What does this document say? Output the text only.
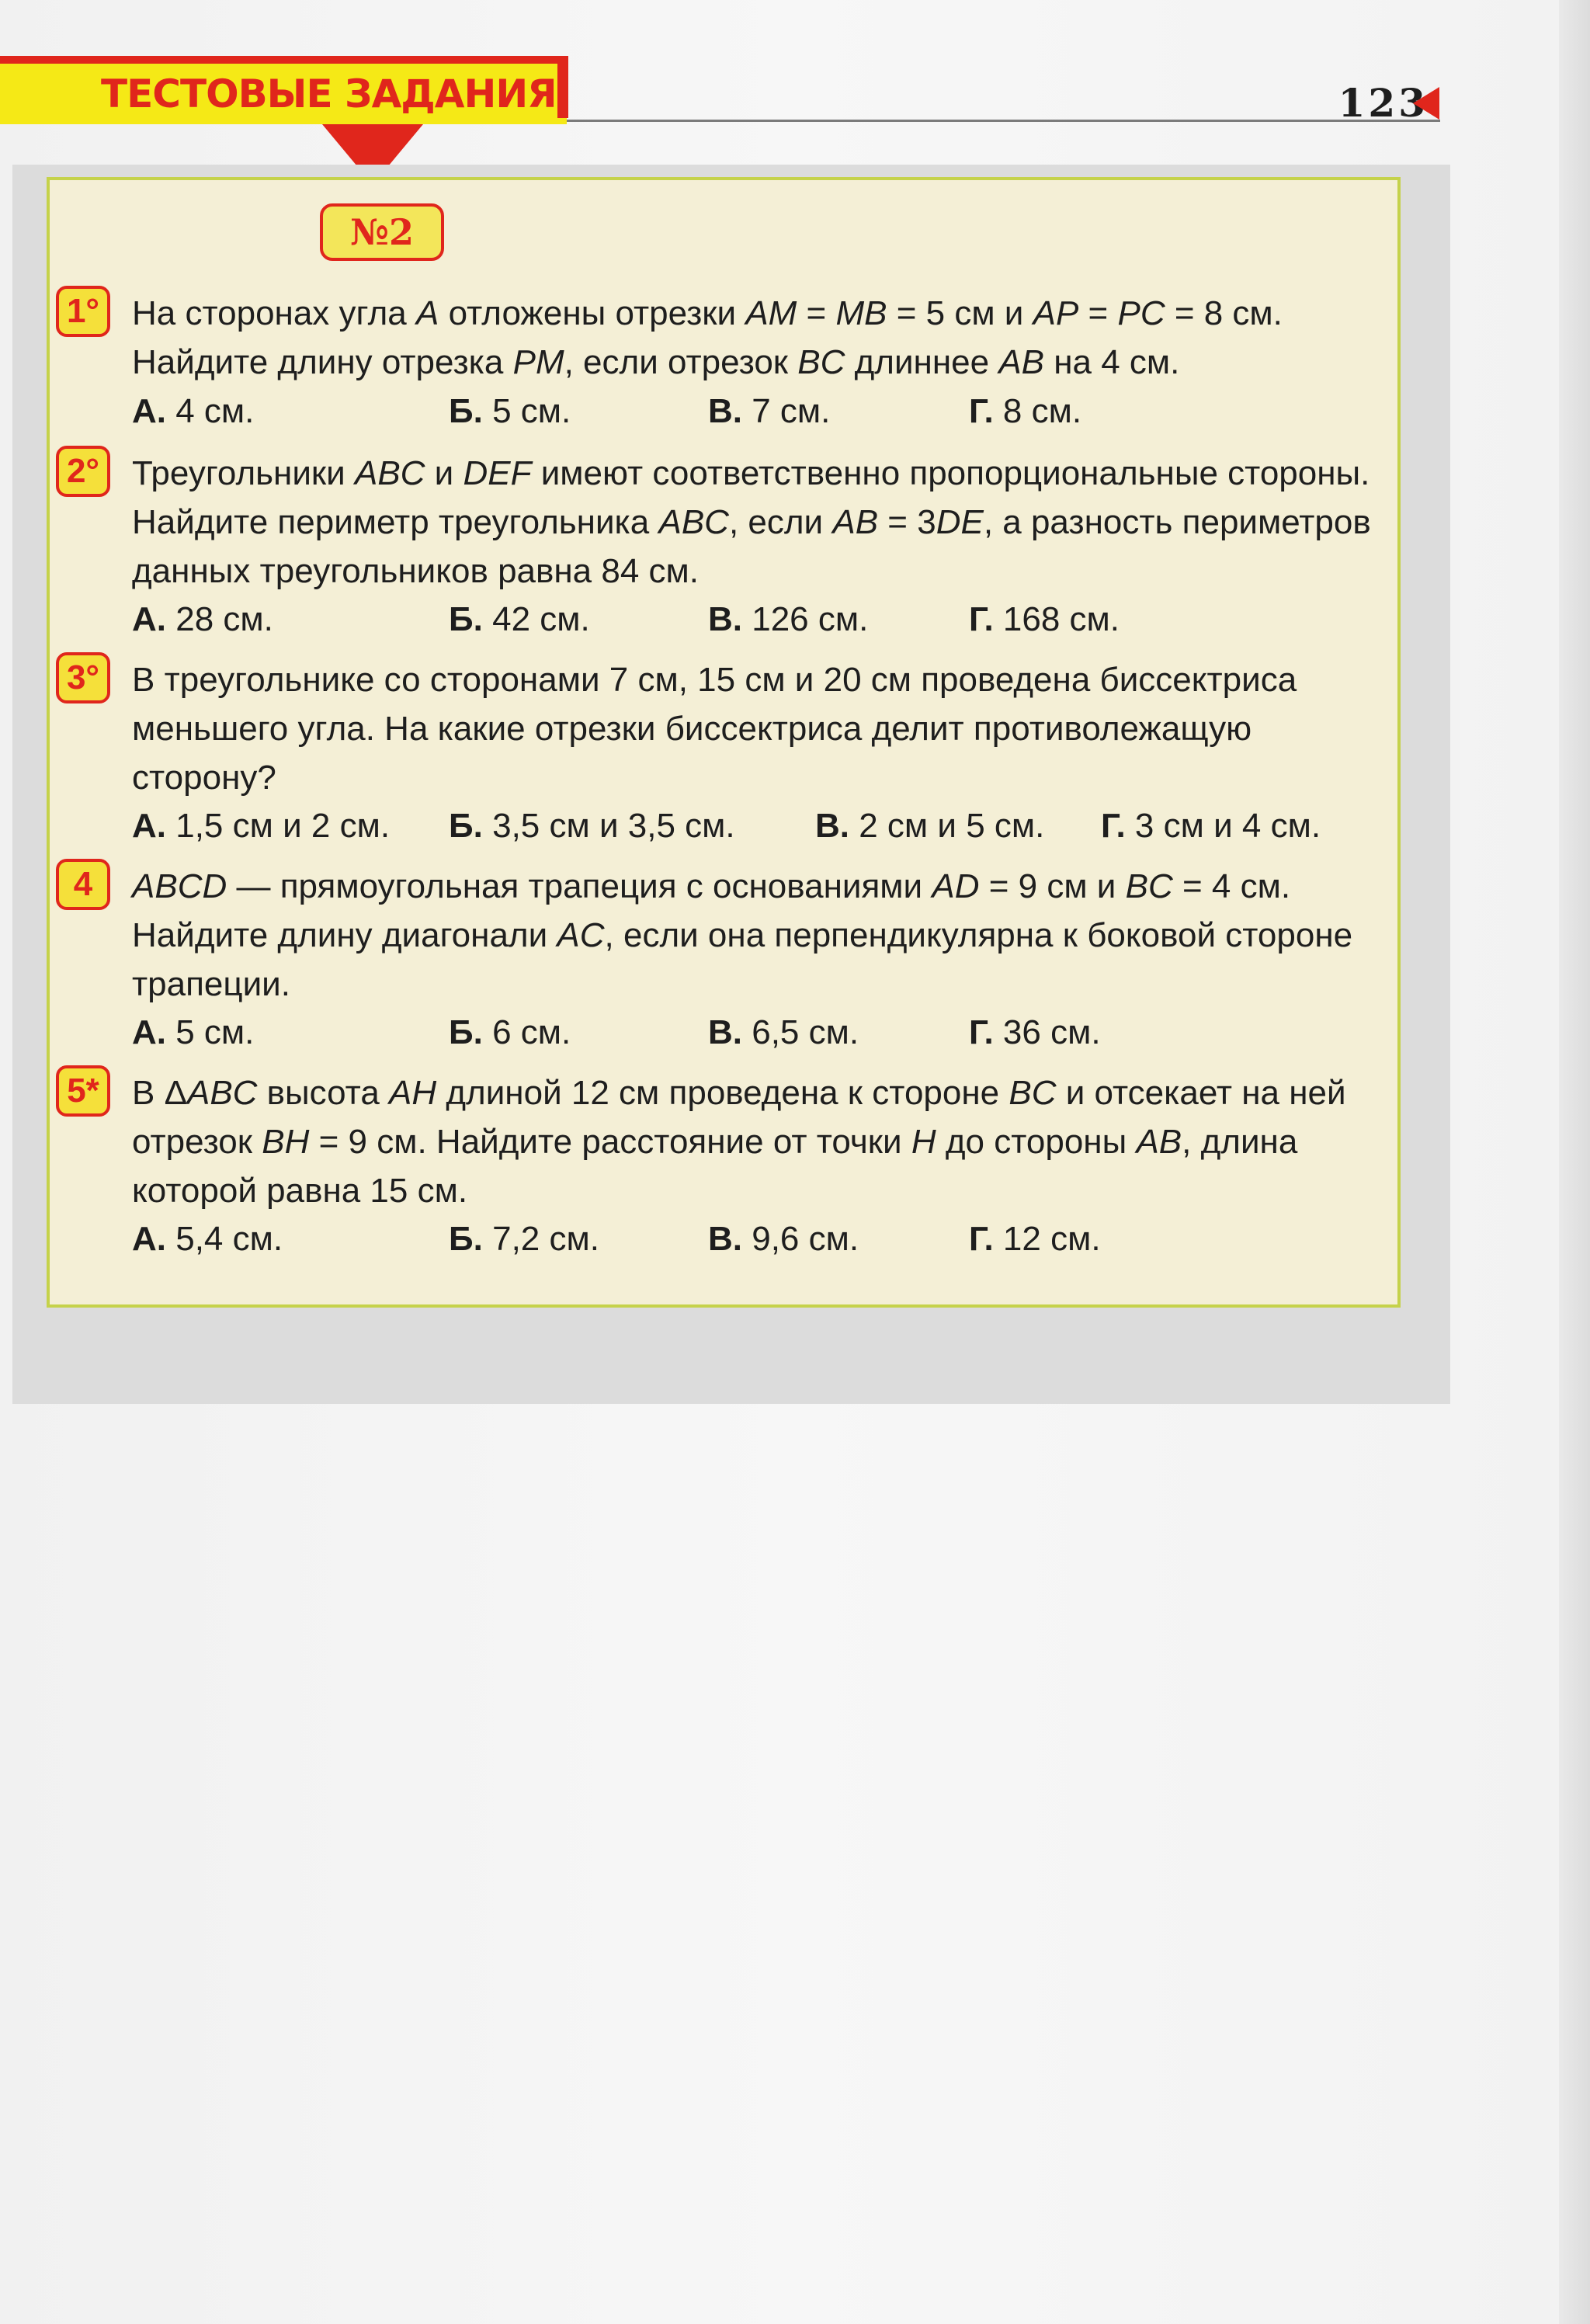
ТЕСТОВЫЕ ЗАДАНИЯ	123
№2
1° На сторонах угла A отложены отрезки AM = MB = 5 см и AP = PC = 8 см. Найдите длину отрезка PM, если отрезок BC длиннее AB на 4 см.
А. 4 см.	Б. 5 см.	В. 7 см.	Г. 8 см.
2° Треугольники ABC и DEF имеют соответственно пропорциональные стороны. Найдите периметр треугольника ABC, если AB = 3DE, а разность периметров данных треугольников равна 84 см.
А. 28 см.	Б. 42 см.	В. 126 см.	Г. 168 см.
3° В треугольнике со сторонами 7 см, 15 см и 20 см проведена биссектриса меньшего угла. На какие отрезки биссектриса делит противолежащую сторону?
А. 1,5 см и 2 см. Б. 3,5 см и 3,5 см. В. 2 см и 5 см. Г. 3 см и 4 см.
4	ABCD — прямоугольная трапеция с основаниями AD = 9 см и BC = 4 см. Найдите длину диагонали AC, если она перпендикулярна к боковой стороне трапеции.
А. 5 см.	Б. 6 см.	В. 6,5 см.	Г. 36 см.
5* В ΔABC высота AH длиной 12 см проведена к стороне BC и отсекает на ней отрезок BH = 9 см. Найдите расстояние от точки H до стороны AB, длина которой равна 15 см.
А. 5,4 см.	Б. 7,2 см.	В. 9,6 см.	Г. 12 см.
